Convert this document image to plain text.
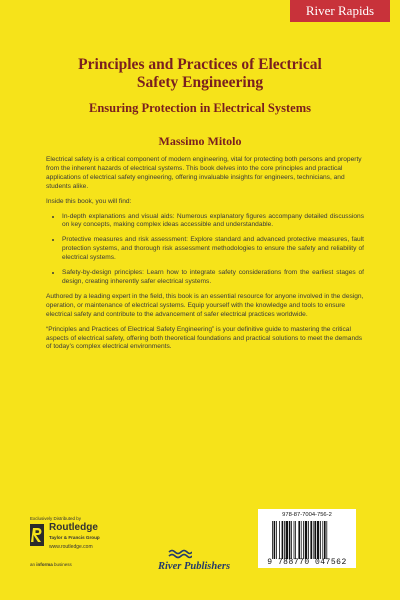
River Rapids
Principles and Practices of Electrical
Safety Engineering
Ensuring Protection in Electrical Systems
Massimo Mitolo

Electrical safety is a critical component of modern engineering, vital for protecting both persons and property from the inherent hazards of electrical systems. This book delves into the core principles and practical applications of electrical safety engineering, offering invaluable insights for engineers, technicians, and students alike.

Inside this book, you will find:

• In-depth explanations and visual aids: Numerous explanatory figures accompany detailed discussions on key concepts, making complex ideas accessible and understandable.
• Protective measures and risk assessment: Explore standard and advanced protective measures, fault protection systems, and thorough risk assessment methodologies to ensure the safety and reliability of electrical systems.
• Safety-by-design principles: Learn how to integrate safety considerations from the earliest stages of design, creating inherently safer electrical systems.

Authored by a leading expert in the field, this book is an essential resource for anyone involved in the design, operation, or maintenance of electrical systems. Equip yourself with the knowledge and tools to ensure electrical safety and contribute to the advancement of safer electrical practices worldwide.

“Principles and Practices of Electrical Safety Engineering” is your definitive guide to mastering the critical aspects of electrical safety, offering both theoretical foundations and practical solutions to meet the demands of today’s complex electrical environments.

Exclusively Distributed by
Routledge
Taylor & Francis Group
www.routledge.com
an informa business	River Publishers
978-87-7004-756-2
9 788770 047562
